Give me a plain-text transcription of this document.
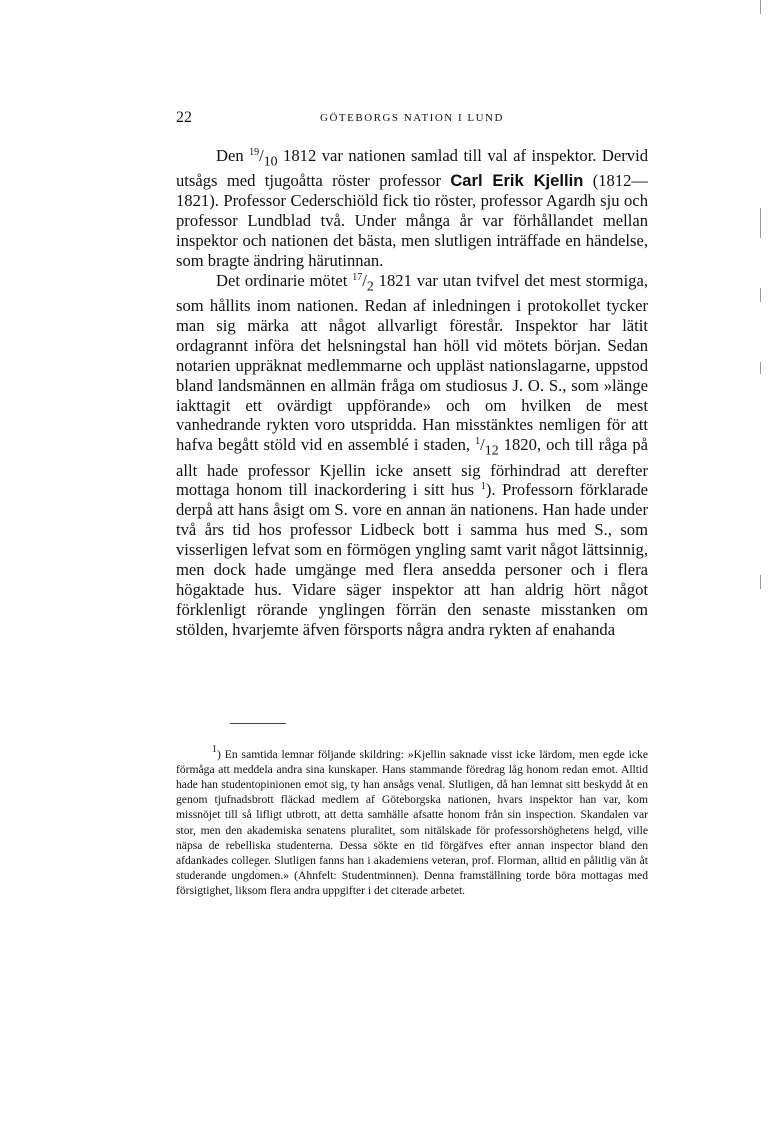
22	GÖTEBORGS NATION I LUND

Den $^{19}/_{10}$ 1812 var nationen samlad till val af inspektor. Dervid utsågs med tjugoåtta röster professor Carl Erik Kjellin (1812—1821). Professor Cederschiöld fick tio röster, professor Agardh sju och professor Lundblad två. Under många år var förhållandet mellan inspektor och nationen det bästa, men slutligen inträffade en händelse, som bragte ändring härutinnan.

Det ordinarie mötet $^{17}/_2$ 1821 var utan tvifvel det mest stormiga, som hållits inom nationen. Redan af inledningen i protokollet tycker man sig märka att något allvarligt förestår. Inspektor har lätit ordagrannt införa det helsningstal han höll vid mötets början. Sedan notarien uppräknat medlemmarne och uppläst nationslagarne, uppstod bland landsmännen en allmän fråga om studiosus J. O. S., som »länge iakttagit ett ovärdigt uppförande» och om hvilken de mest vanhedrande rykten voro utspridda. Han misstänktes nemligen för att hafva begått stöld vid en assemblé i staden, $^1/_{12}$ 1820, och till råga på allt hade professor Kjellin icke ansett sig förhindrad att derefter mottaga honom till inackordering i sitt hus $^1$). Professorn förklarade derpå att hans åsigt om S. vore en annan än nationens. Han hade under två års tid hos professor Lidbeck bott i samma hus med S., som visserligen lefvat som en förmögen yngling samt varit något lättsinnig, men dock hade umgänge med flera ansedda personer och i flera högaktade hus. Vidare säger inspektor att han aldrig hört något förklenligt rörande ynglingen förrän den senaste misstanken om stölden, hvarjemte äfven försports några andra rykten af enahanda

$^1$) En samtida lemnar följande skildring: »Kjellin saknade visst icke lärdom, men egde icke förmåga att meddela andra sina kunskaper. Hans stammande föredrag låg honom redan emot. Alltid hade han studentopinionen emot sig, ty han ansågs venal. Slutligen, då han lemnat sitt beskydd åt en genom tjufnadsbrott fläckad medlem af Göteborgska nationen, hvars inspektor han var, kom missnöjet till så lifligt utbrott, att detta samhälle afsatte honom från sin inspection. Skandalen var stor, men den akademiska senatens pluralitet, som nitälskade för professorshöghetens helgd, ville näpsa de rebelliska studenterna. Dessa sökte en tid förgäfves efter annan inspector bland den afdankades colleger. Slutligen fanns han i akademiens veteran, prof. Florman, alltid en pålitlig vän åt studerande ungdomen.» (Ahnfelt: Studentminnen). Denna framställning torde böra mottagas med försigtighet, liksom flera andra uppgifter i det citerade arbetet.
